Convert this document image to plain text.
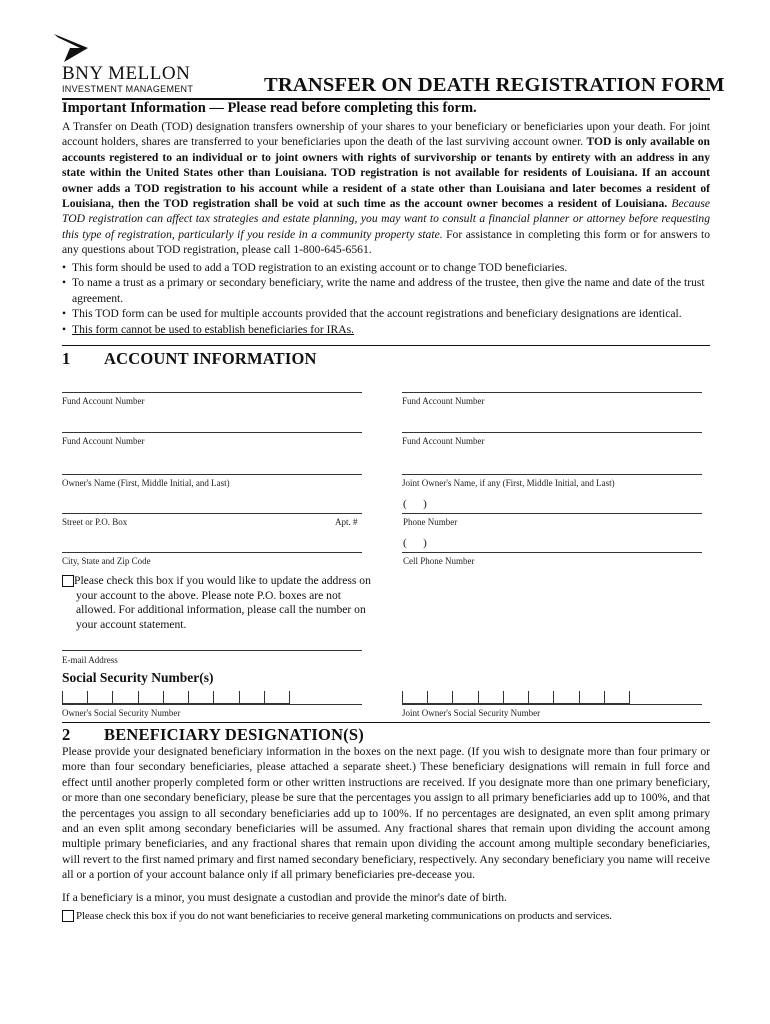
BNY MELLON
INVESTMENT MANAGEMENT	TRANSFER ON DEATH REGISTRATION FORM
Important Information — Please read before completing this form.
A Transfer on Death (TOD) designation transfers ownership of your shares to your beneficiary or beneficiaries upon your death. For joint account holders, shares are transferred to your beneficiaries upon the death of the last surviving account owner. TOD is only available on accounts registered to an individual or to joint owners with rights of survivorship or tenants by entirety with an address in any state within the United States other than Louisiana. TOD registration is not available for residents of Louisiana. If an account owner adds a TOD registration to his account while a resident of a state other than Louisiana and later becomes a resident of Louisiana, then the TOD registration shall be void at such time as the account owner becomes a resident of Louisiana. Because TOD registration can affect tax strategies and estate planning, you may want to consult a financial planner or attorney before requesting this type of registration, particularly if you reside in a community property state. For assistance in completing this form or for answers to any questions about TOD registration, please call 1-800-645-6561.
• This form should be used to add a TOD registration to an existing account or to change TOD beneficiaries.
• To name a trust as a primary or secondary beneficiary, write the name and address of the trustee, then give the name and date of the trust agreement.
• This TOD form can be used for multiple accounts provided that the account registrations and beneficiary designations are identical.
• This form cannot be used to establish beneficiaries for IRAs.
1 ACCOUNT INFORMATION
Fund Account Number	Fund Account Number
Fund Account Number	Fund Account Number
Owner's Name (First, Middle Initial, and Last)	Joint Owner's Name, if any (First, Middle Initial, and Last)
Street or P.O. Box	Apt. #
(      )
Phone Number
City, State and Zip Code
(      )
Cell Phone Number
Please check this box if you would like to update the address on your account to the above. Please note P.O. boxes are not allowed. For additional information, please call the number on your account statement.
E-mail Address
Social Security Number(s)
Owner's Social Security Number	Joint Owner's Social Security Number
2 BENEFICIARY DESIGNATION(S)
Please provide your designated beneficiary information in the boxes on the next page. (If you wish to designate more than four primary or more than four secondary beneficiaries, please attached a separate sheet.) These beneficiary designations will remain in full force and effect until another properly completed form or other written instructions are received. If you designate more than one primary beneficiary, or more than one secondary beneficiary, please be sure that the percentages you assign to all primary beneficiaries add up to 100%, and that the percentages you assign to all secondary beneficiaries add up to 100%. If no percentages are designated, an even split among primary and an even split among secondary beneficiaries will be assumed. Any fractional shares that remain upon dividing the account among multiple primary beneficiaries, and any fractional shares that remain upon dividing the account among multiple secondary beneficiaries, will revert to the first named primary and first named secondary beneficiary, respectively. Any secondary beneficiary you name will receive all or a portion of your account balance only if all primary beneficiaries pre-decease you.
If a beneficiary is a minor, you must designate a custodian and provide the minor's date of birth.
Please check this box if you do not want beneficiaries to receive general marketing communications on products and services.
